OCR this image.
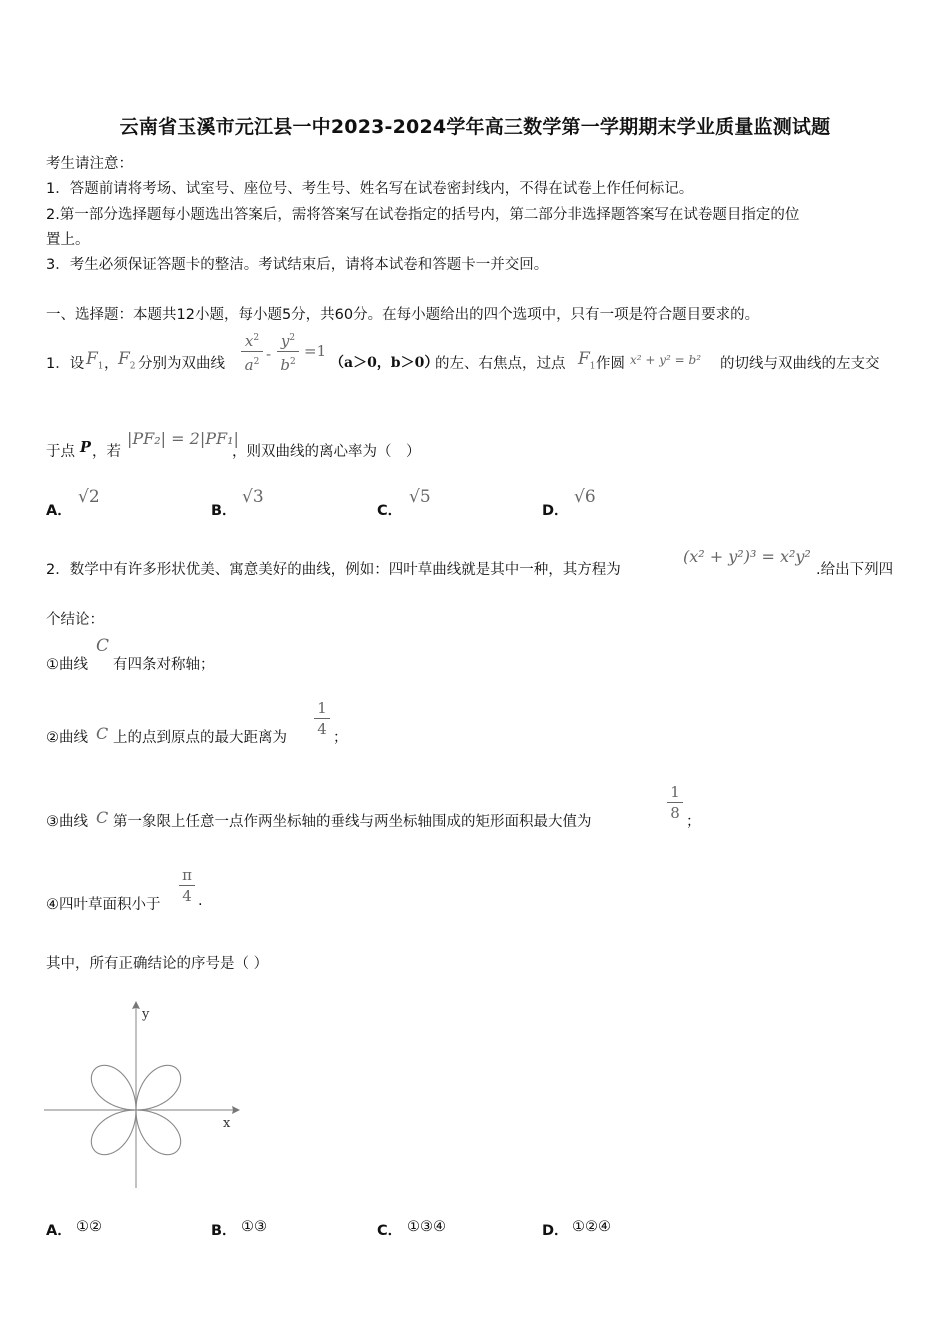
云南省玉溪市元江县一中2023-2024学年高三数学第一学期期末学业质量监测试题
考生请注意：
1．答题前请将考场、试室号、座位号、考生号、姓名写在试卷密封线内，不得在试卷上作任何标记。
2.第一部分选择题每小题选出答案后，需将答案写在试卷指定的括号内，第二部分非选择题答案写在试卷题目指定的位
置上。
3．考生必须保证答题卡的整洁。考试结束后，请将本试卷和答题卡一并交回。
一、选择题：本题共12小题，每小题5分，共60分。在每小题给出的四个选项中，只有一项是符合题目要求的。
1．设 $F_1$ ， $F_2$ 分别为双曲线
$x^2$
$a^2$ -
$y^2$
$b^2$
=1
（a＞0，b＞0）
的左、右焦点，过点 $F_1$ 作圆 x² + y² = b² 的切线与双曲线的左支交
于点 P ，若
|PF₂| = 2|PF₁|
，则双曲线的离心率为（　）
A．
√2
B．
√3
C．
√5
D．
√6
2．数学中有许多形状优美、寓意美好的曲线，例如：四叶草曲线就是其中一种，其方程为
(x² + y²)³ = x²y²
.给出下列四
个结论：
①曲线
C
有四条对称轴；
②曲线 C 上的点到原点的最大距离为
1
4 ；
③曲线 C 第一象限上任意一点作两坐标轴的垂线与两坐标轴围成的矩形面积最大值为
1
8 ；
④四叶草面积小于
π
4 .
其中，所有正确结论的序号是（ ）
y
x
A． ①②	B． ①③	C． ①③④	D． ①②④
